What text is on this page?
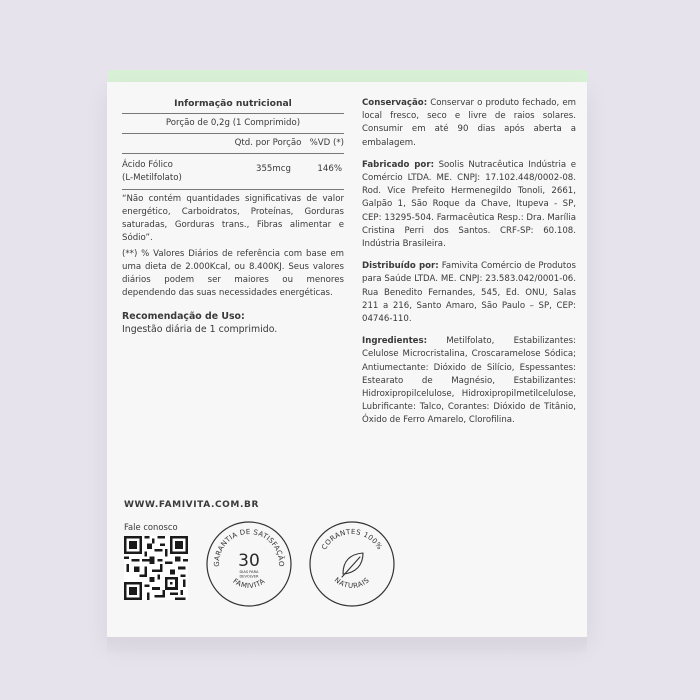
Informação nutricional
Porção de 0,2g (1 Comprimido)
Qtd. por Porção %VD (*)
Ácido Fólico
(L-Metilfolato)
355mcg	146%

“Não contém quantidades significativas de valor energético, Carboidratos, Proteínas, Gorduras saturadas, Gorduras trans., Fibras alimentar e Sódio”.

(**) % Valores Diários de referência com base em uma dieta de 2.000Kcal, ou 8.400KJ. Seus valores diários podem ser maiores ou menores dependendo das suas necessidades energéticas.

Recomendação de Uso:
Ingestão diária de 1 comprimido.

Conservação: Conservar o produto fechado, em local fresco, seco e livre de raios solares. Consumir em até 90 dias após aberta a embalagem.

Fabricado por: Soolis Nutracêutica Indústria e Comércio LTDA. ME. CNPJ: 17.102.448/0002-08. Rod. Vice Prefeito Hermenegildo Tonoli, 2661, Galpão 1, São Roque da Chave, Itupeva - SP, CEP: 13295-504. Farmacêutica Resp.: Dra. Marília Cristina Perri dos Santos. CRF-SP: 60.108. Indústria Brasileira.

Distribuído por: Famivita Comércio de Produtos para Saúde LTDA. ME. CNPJ: 23.583.042/0001-06. Rua Benedito Fernandes, 545, Ed. ONU, Salas 211 a 216, Santo Amaro, São Paulo – SP, CEP: 04746-110.

Ingredientes: Metilfolato, Estabilizantes: Celulose Microcristalina, Croscaramelose Sódica; Antiumectante: Dióxido de Silício, Espessantes: Estearato de Magnésio, Estabilizantes: Hidroxipropilcelulose, Hidroxipropilmetilcelulose, Lubrificante: Talco, Corantes: Dióxido de Titânio, Óxido de Ferro Amarelo, Clorofilina.

WWW.FAMIVITA.COM.BR
Fale conosco
GARANTIA DE SATISFAÇÃO
FAMIVITA
30
DIAS PARA
DEVOLVER
CORANTES 100%
NATURAIS
